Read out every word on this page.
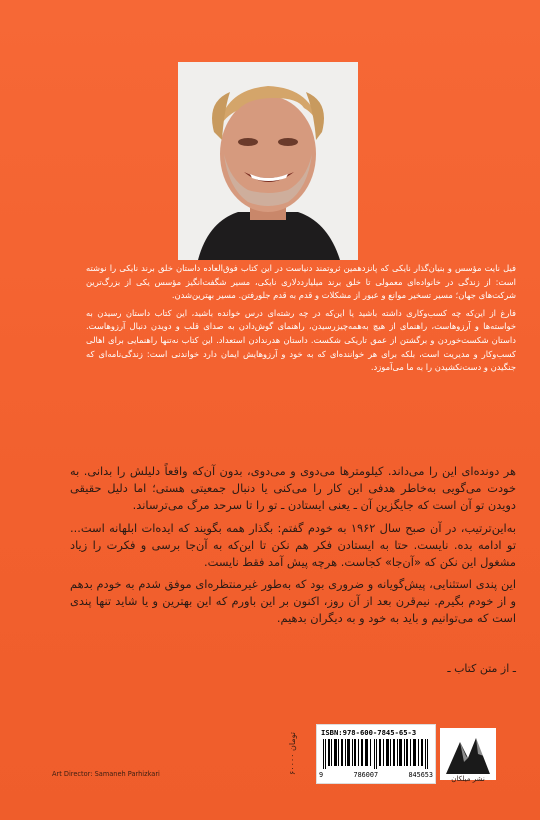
فیل نایت مؤسس و بنیان‌گذار نایکی که پانزدهمین ثروتمند دنیاست در این کتاب فوق‌العاده داستان خلق برند نایکی را نوشته است: از زندگی در خانواده‌ای معمولی تا خلق برند میلیارددلاری نایکی، مسیر شگفت‌انگیز مؤسس یکی از بزرگ‌ترین شرکت‌های جهان؛ مسیر تسخیر موانع و عبور از مشکلات و قدم به قدم جلورفتن. مسیر بهترین‌شدن.

فارغ از این‌که چه کسب‌وکاری داشته باشید یا این‌که در چه رشته‌ای درس خوانده باشید، این کتاب داستان رسیدن به خواسته‌ها و آرزوهاست، راهنمای از هیچ به‌همه‌چیزرسیدن، راهنمای گوش‌دادن به صدای قلب و دویدن دنبال آرزوهاست. داستان شکست‌خوردن و برگشتن از عمق تاریکی شکست. داستان هدرندادن استعداد. این کتاب نه‌تنها راهنمایی برای اهالی کسب‌وکار و مدیریت است، بلکه برای هر خواننده‌ای که به خود و آرزوهایش ایمان دارد خواندنی است: زندگی‌نامه‌ای که جنگیدن و دست‌نکشیدن را به ما می‌آموزد.

هر دونده‌ای این را می‌داند. کیلومترها می‌دوی و می‌دوی، بدون آن‌که واقعاً دلیلش را بدانی. به خودت می‌گویی به‌خاطر هدفی این کار را می‌کنی یا دنبال جمعیتی هستی؛ اما دلیل حقیقی دویدن تو آن است که جایگزین آن ـ یعنی ایستادن ـ تو را تا سرحد مرگ می‌ترساند.

به‌این‌ترتیب، در آن صبح سال ۱۹۶۲ به خودم گفتم: بگذار همه بگویند که ایده‌ات ابلهانه است... تو ادامه بده. نایست. حتا به ایستادن فکر هم نکن تا این‌که به آن‌جا برسی و فکرت را زیاد مشغول این نکن که «آن‌جا» کجاست. هرچه پیش آمد فقط نایست.

این پندی استثنایی، پیش‌گویانه و ضروری بود که به‌طور غیرمنتظره‌ای موفق شدم به خودم بدهم و از خودم بگیرم. نیم‌قرن بعد از آن روز، اکنون بر این باورم که این بهترین و یا شاید تنها پندی است که می‌توانیم و باید به خود و به دیگران بدهیم.

ـ از متن کتاب ـ
Art Director: Samaneh Parhizkari	۶۰۰۰۰ تومان	ISBN:978-600-7845-65-3
9	786007	845653	نشر میلکان
